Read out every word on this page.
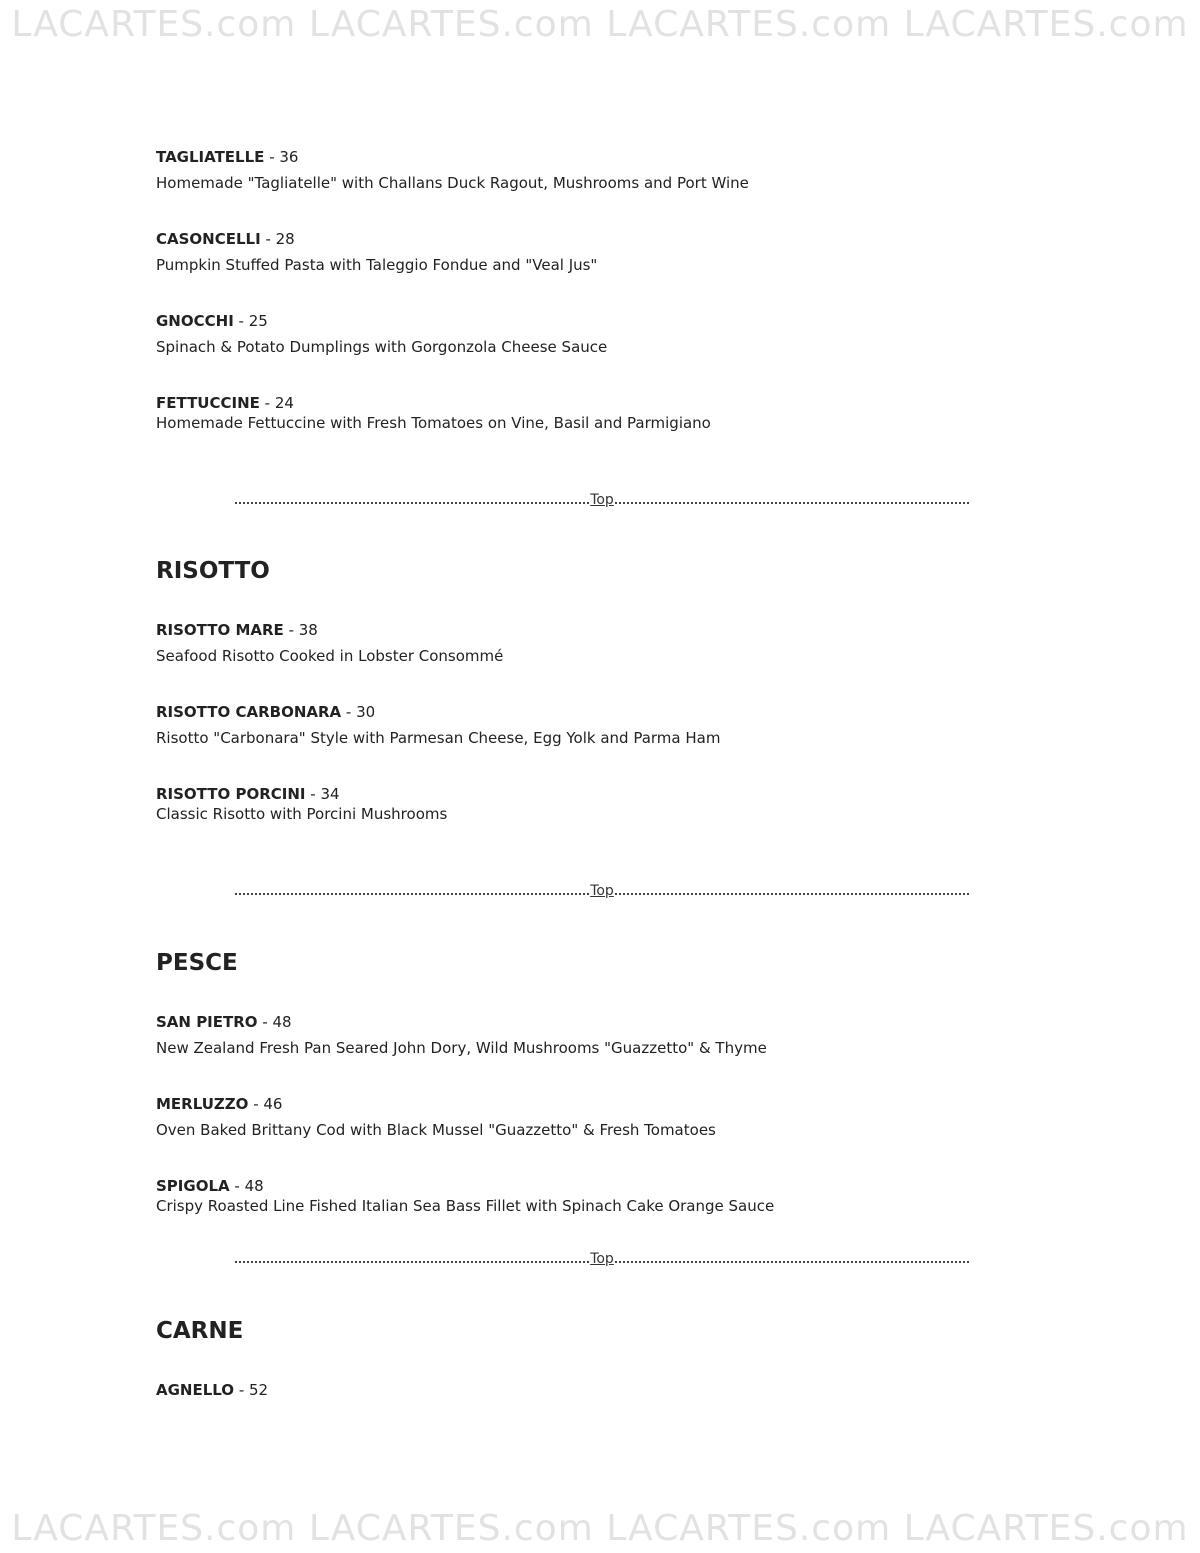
LACARTES.com LACARTES.com LACARTES.com LACARTES.com
TAGLIATELLE - 36
Homemade "Tagliatelle" with Challans Duck Ragout, Mushrooms and Port Wine
CASONCELLI - 28
Pumpkin Stuffed Pasta with Taleggio Fondue and "Veal Jus"
GNOCCHI - 25
Spinach & Potato Dumplings with Gorgonzola Cheese Sauce
FETTUCCINE - 24
Homemade Fettuccine with Fresh Tomatoes on Vine, Basil and Parmigiano
Top
RISOTTO
RISOTTO MARE - 38
Seafood Risotto Cooked in Lobster Consommé
RISOTTO CARBONARA - 30
Risotto "Carbonara" Style with Parmesan Cheese, Egg Yolk and Parma Ham
RISOTTO PORCINI - 34
Classic Risotto with Porcini Mushrooms
Top
PESCE
SAN PIETRO - 48
New Zealand Fresh Pan Seared John Dory, Wild Mushrooms "Guazzetto" & Thyme
MERLUZZO - 46
Oven Baked Brittany Cod with Black Mussel "Guazzetto" & Fresh Tomatoes
SPIGOLA - 48
Crispy Roasted Line Fished Italian Sea Bass Fillet with Spinach Cake Orange Sauce
Top
CARNE
AGNELLO - 52
LACARTES.com LACARTES.com LACARTES.com LACARTES.com
